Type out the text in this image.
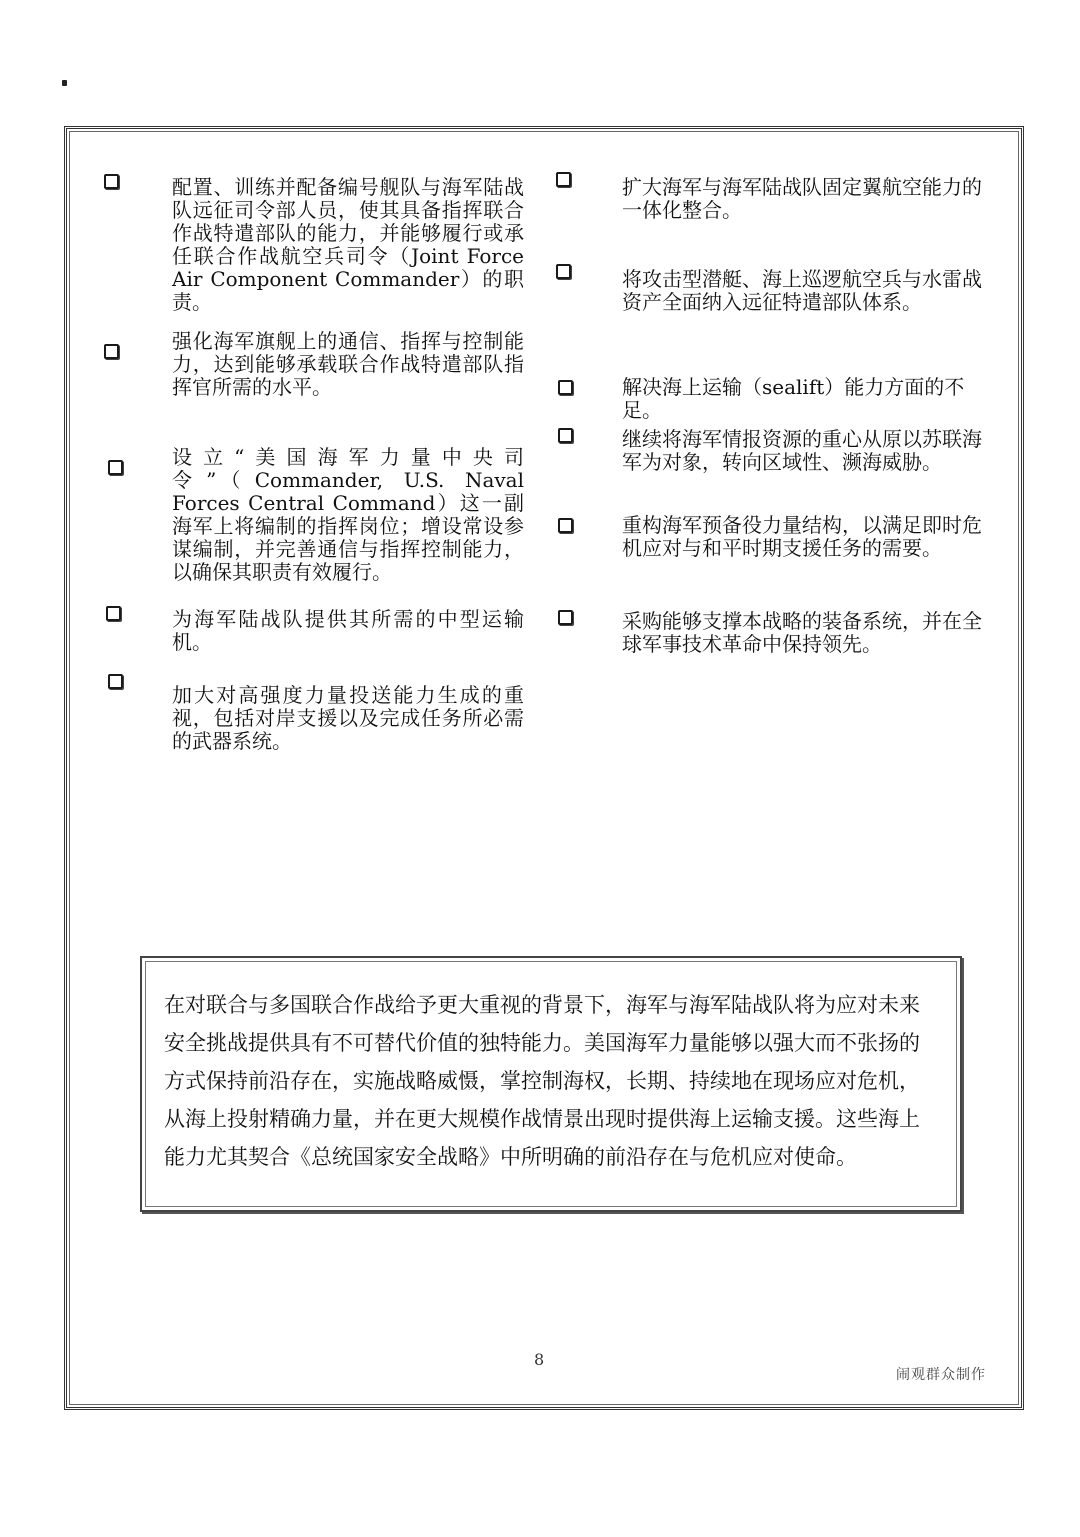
配置、训练并配备编号舰队与海军陆战队远征司令部人员，使其具备指挥联合作战特遣部队的能力，并能够履行或承任联合作战航空兵司令（Joint Force Air Component Commander）的职责。
强化海军旗舰上的通信、指挥与控制能力，达到能够承载联合作战特遣部队指挥官所需的水平。
设立“美国海军力量中央司令”（Commander, U.S. Naval Forces Central Command）这一副海军上将编制的指挥岗位；增设常设参谋编制，并完善通信与指挥控制能力，以确保其职责有效履行。
为海军陆战队提供其所需的中型运输机。
加大对高强度力量投送能力生成的重视，包括对岸支援以及完成任务所必需的武器系统。
扩大海军与海军陆战队固定翼航空能力的一体化整合。
将攻击型潜艇、海上巡逻航空兵与水雷战资产全面纳入远征特遣部队体系。
解决海上运输（sealift）能力方面的不足。
继续将海军情报资源的重心从原以苏联海军为对象，转向区域性、濒海威胁。
重构海军预备役力量结构，以满足即时危机应对与和平时期支援任务的需要。
采购能够支撑本战略的装备系统，并在全球军事技术革命中保持领先。
在对联合与多国联合作战给予更大重视的背景下，海军与海军陆战队将为应对未来安全挑战提供具有不可替代价值的独特能力。美国海军力量能够以强大而不张扬的方式保持前沿存在，实施战略威慑，掌控制海权，长期、持续地在现场应对危机，从海上投射精确力量，并在更大规模作战情景出现时提供海上运输支援。这些海上能力尤其契合《总统国家安全战略》中所明确的前沿存在与危机应对使命。
8
闹观群众制作
